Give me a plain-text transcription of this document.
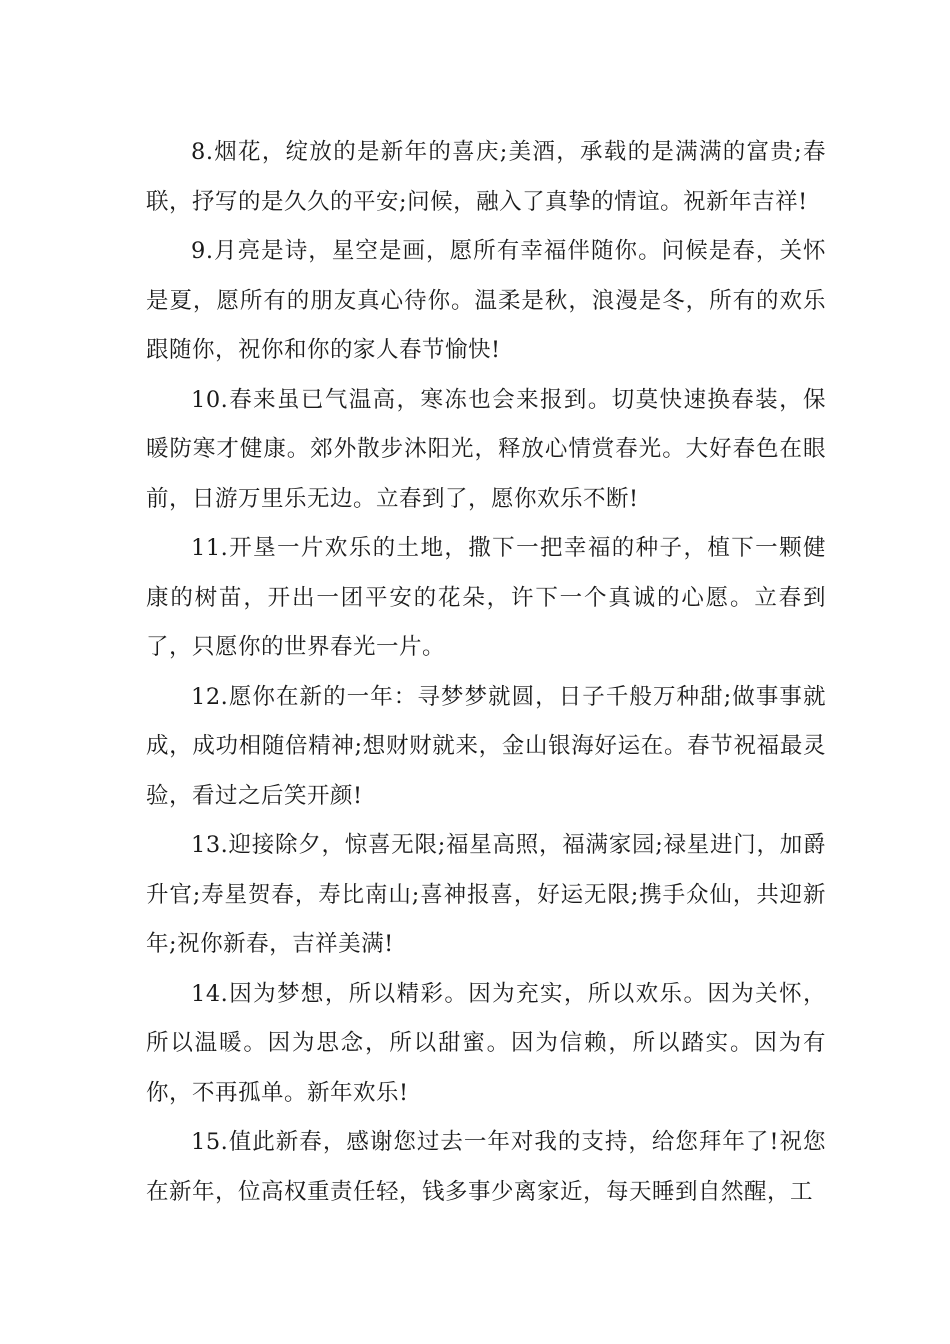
8.烟花，绽放的是新年的喜庆;美酒，承载的是满满的富贵;春联，抒写的是久久的平安;问候，融入了真挚的情谊。祝新年吉祥!

9.月亮是诗，星空是画，愿所有幸福伴随你。问候是春，关怀是夏，愿所有的朋友真心待你。温柔是秋，浪漫是冬，所有的欢乐跟随你，祝你和你的家人春节愉快!

10.春来虽已气温高，寒冻也会来报到。切莫快速换春装，保暖防寒才健康。郊外散步沐阳光，释放心情赏春光。大好春色在眼前，日游万里乐无边。立春到了，愿你欢乐不断!

11.开垦一片欢乐的土地，撒下一把幸福的种子，植下一颗健康的树苗，开出一团平安的花朵，许下一个真诚的心愿。立春到了，只愿你的世界春光一片。

12.愿你在新的一年：寻梦梦就圆，日子千般万种甜;做事事就成，成功相随倍精神;想财财就来，金山银海好运在。春节祝福最灵验，看过之后笑开颜!

13.迎接除夕，惊喜无限;福星高照，福满家园;禄星进门，加爵升官;寿星贺春，寿比南山;喜神报喜，好运无限;携手众仙，共迎新年;祝你新春，吉祥美满!

14.因为梦想，所以精彩。因为充实，所以欢乐。因为关怀，所以温暖。因为思念，所以甜蜜。因为信赖，所以踏实。因为有你，不再孤单。新年欢乐!

15.值此新春，感谢您过去一年对我的支持，给您拜年了!祝您在新年，位高权重责任轻，钱多事少离家近，每天睡到自然醒，工
